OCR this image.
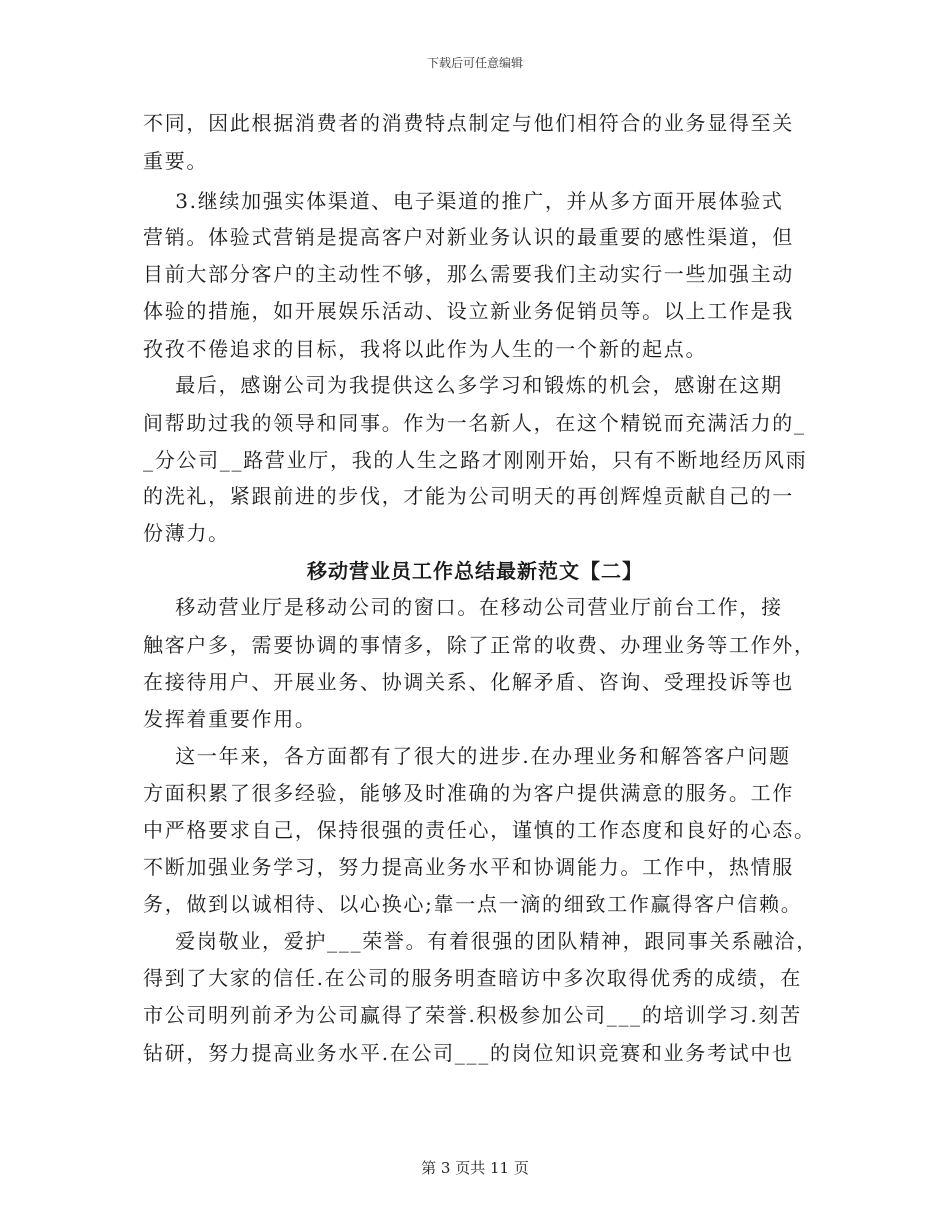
下载后可任意编辑
不同，因此根据消费者的消费特点制定与他们相符合的业务显得至关
重要。
3.继续加强实体渠道、电子渠道的推广，并从多方面开展体验式
营销。体验式营销是提高客户对新业务认识的最重要的感性渠道，但
目前大部分客户的主动性不够，那么需要我们主动实行一些加强主动
体验的措施，如开展娱乐活动、设立新业务促销员等。以上工作是我
孜孜不倦追求的目标，我将以此作为人生的一个新的起点。
最后，感谢公司为我提供这么多学习和锻炼的机会，感谢在这期
间帮助过我的领导和同事。作为一名新人，在这个精锐而充满活力的_
_分公司__路营业厅，我的人生之路才刚刚开始，只有不断地经历风雨
的洗礼，紧跟前进的步伐，才能为公司明天的再创辉煌贡献自己的一
份薄力。
移动营业员工作总结最新范文【二】
移动营业厅是移动公司的窗口。在移动公司营业厅前台工作，接
触客户多，需要协调的事情多，除了正常的收费、办理业务等工作外，
在接待用户、开展业务、协调关系、化解矛盾、咨询、受理投诉等也
发挥着重要作用。
这一年来，各方面都有了很大的进步.在办理业务和解答客户问题
方面积累了很多经验，能够及时准确的为客户提供满意的服务。工作
中严格要求自己，保持很强的责任心，谨慎的工作态度和良好的心态。
不断加强业务学习，努力提高业务水平和协调能力。工作中，热情服
务，做到以诚相待、以心换心;靠一点一滴的细致工作赢得客户信赖。
爱岗敬业，爱护___荣誉。有着很强的团队精神，跟同事关系融洽，
得到了大家的信任.在公司的服务明查暗访中多次取得优秀的成绩，在
市公司明列前矛为公司赢得了荣誉.积极参加公司___的培训学习.刻苦
钻研，努力提高业务水平.在公司___的岗位知识竞赛和业务考试中也
第 3 页共 11 页
